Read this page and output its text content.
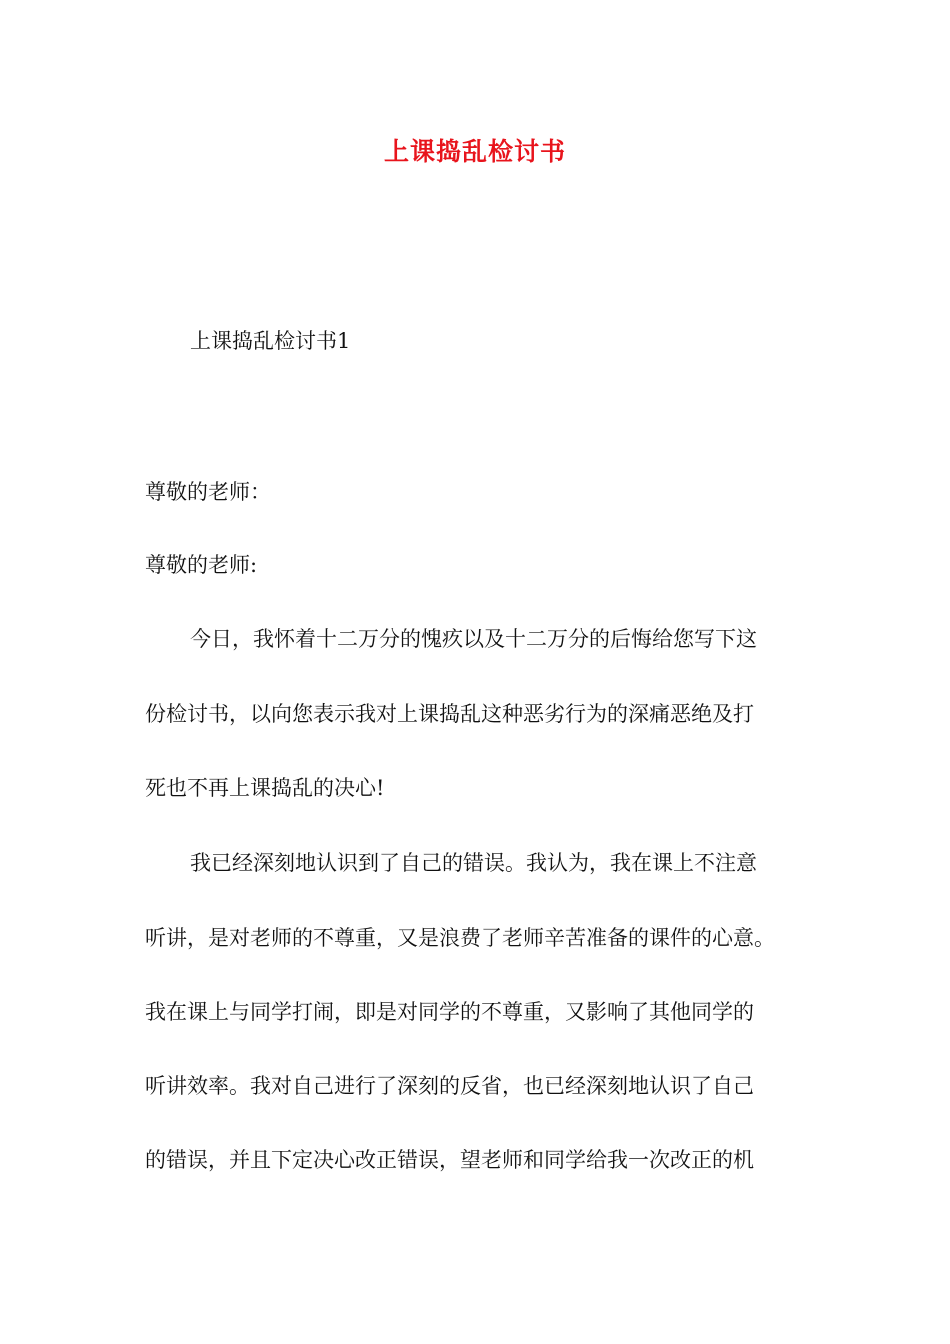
上课捣乱检讨书
上课捣乱检讨书1
尊敬的老师：
尊敬的老师:
今日，我怀着十二万分的愧疚以及十二万分的后悔给您写下这
份检讨书，以向您表示我对上课捣乱这种恶劣行为的深痛恶绝及打
死也不再上课捣乱的决心!
我已经深刻地认识到了自己的错误。我认为，我在课上不注意
听讲，是对老师的不尊重，又是浪费了老师辛苦准备的课件的心意。
我在课上与同学打闹，即是对同学的不尊重，又影响了其他同学的
听讲效率。我对自己进行了深刻的反省，也已经深刻地认识了自己
的错误，并且下定决心改正错误，望老师和同学给我一次改正的机
